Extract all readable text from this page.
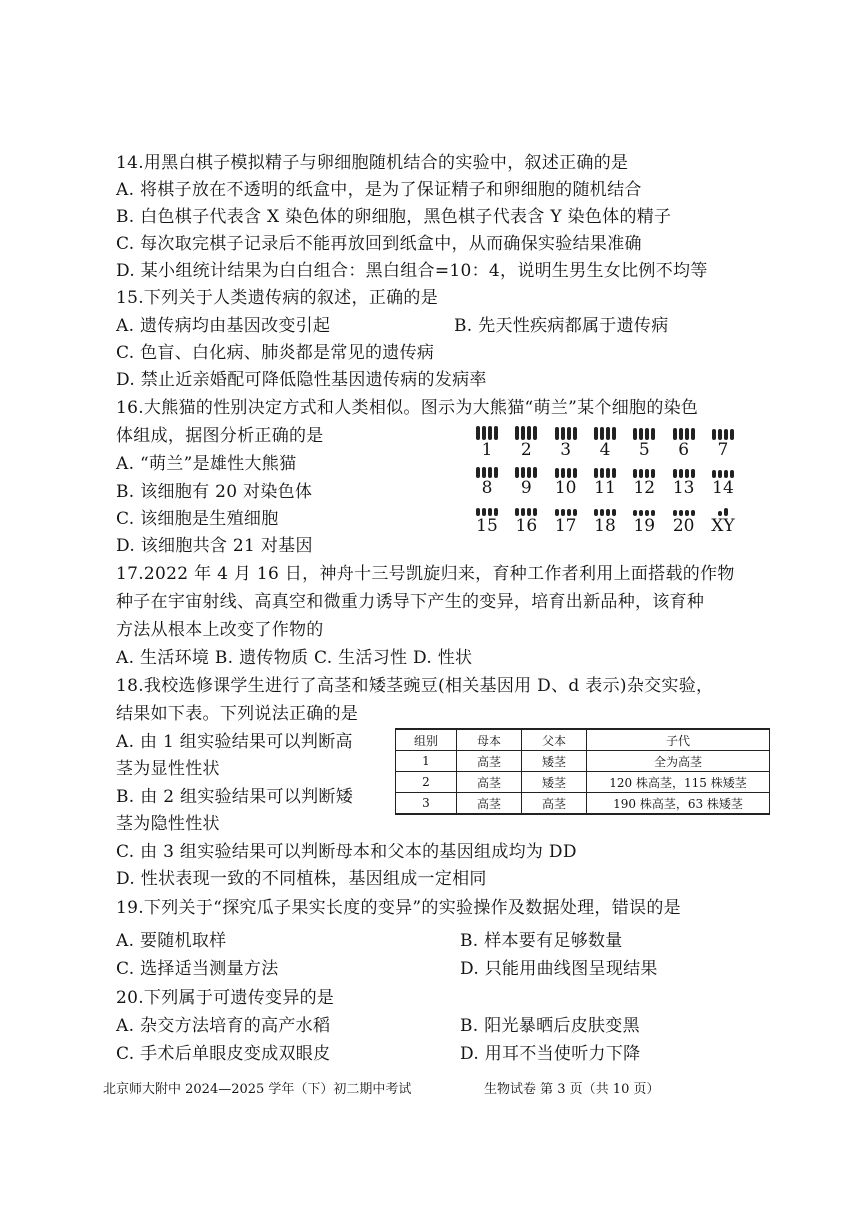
14.用黑白棋子模拟精子与卵细胞随机结合的实验中，叙述正确的是
A. 将棋子放在不透明的纸盒中，是为了保证精子和卵细胞的随机结合
B. 白色棋子代表含 X 染色体的卵细胞，黑色棋子代表含 Y 染色体的精子
C. 每次取完棋子记录后不能再放回到纸盒中，从而确保实验结果准确
D. 某小组统计结果为白白组合：黑白组合=10：4，说明生男生女比例不均等
15.下列关于人类遗传病的叙述，正确的是
A. 遗传病均由基因改变引起	B. 先天性疾病都属于遗传病
C. 色盲、白化病、肺炎都是常见的遗传病
D. 禁止近亲婚配可降低隐性基因遗传病的发病率
16.大熊猫的性别决定方式和人类相似。图示为大熊猫“萌兰”某个细胞的染色
体组成，据图分析正确的是
A. “萌兰”是雄性大熊猫
B. 该细胞有 20 对染色体
C. 该细胞是生殖细胞
D. 该细胞共含 21 对基因
17.2022 年 4 月 16 日，神舟十三号凯旋归来，育种工作者利用上面搭载的作物
种子在宇宙射线、高真空和微重力诱导下产生的变异，培育出新品种，该育种
方法从根本上改变了作物的
A. 生活环境 B. 遗传物质 C. 生活习性 D. 性状
18.我校选修课学生进行了高茎和矮茎豌豆(相关基因用 D、d 表示)杂交实验，
结果如下表。下列说法正确的是
A. 由 1 组实验结果可以判断高
茎为显性性状
B. 由 2 组实验结果可以判断矮
茎为隐性性状
C. 由 3 组实验结果可以判断母本和父本的基因组成均为 DD
D. 性状表现一致的不同植株，基因组成一定相同
19.下列关于“探究瓜子果实长度的变异”的实验操作及数据处理，错误的是
A. 要随机取样	B. 样本要有足够数量
C. 选择适当测量方法	D. 只能用曲线图呈现结果
20.下列属于可遗传变异的是
A. 杂交方法培育的高产水稻	B. 阳光暴晒后皮肤变黑
C. 手术后单眼皮变成双眼皮	D. 用耳不当使听力下降
1	2	3	4	5	6	7
8	9	10	11	12	13	14
15	16	17	18	19	20 XY
组别	母本	父本	子代
1	高茎	矮茎	全为高茎
2	高茎	矮茎	120 株高茎，115 株矮茎
3	高茎	高茎	190 株高茎，63 株矮茎
北京师大附中 2024—2025 学年（下）初二期中考试	生物试卷 第 3 页（共 10 页）
